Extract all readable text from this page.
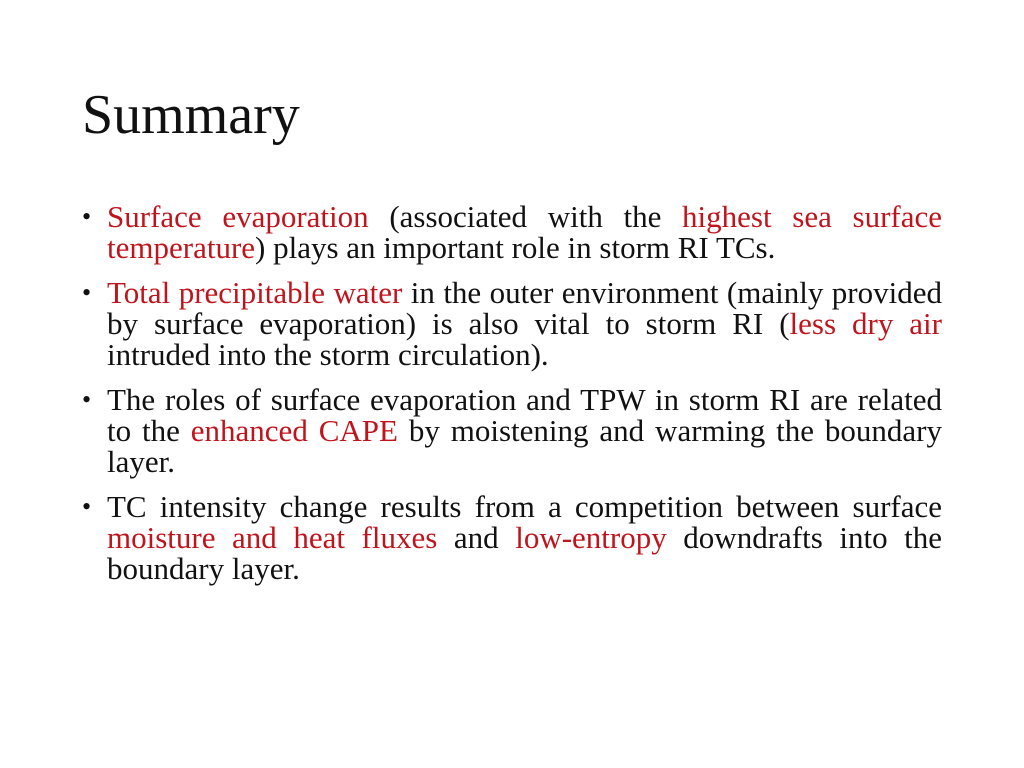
Summary
• Surface evaporation (associated with the highest sea surface temperature) plays an important role in storm RI TCs.
• Total precipitable water in the outer environment (mainly provided by surface evaporation) is also vital to storm RI (less dry air intruded into the storm circulation).
• The roles of surface evaporation and TPW in storm RI are related to the enhanced CAPE by moistening and warming the boundary layer.
• TC intensity change results from a competition between surface moisture and heat fluxes and low-entropy downdrafts into the boundary layer.
